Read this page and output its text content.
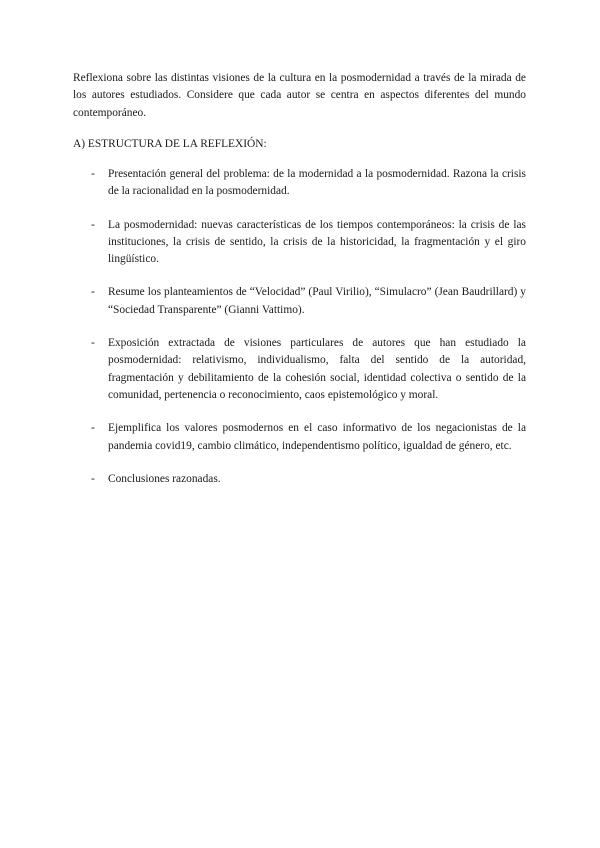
Reflexiona sobre las distintas visiones de la cultura en la posmodernidad a través de la mirada de los autores estudiados. Considere que cada autor se centra en aspectos diferentes del mundo contemporáneo.

A) ESTRUCTURA DE LA REFLEXIÓN:
- Presentación general del problema: de la modernidad a la posmodernidad. Razona la crisis de la racionalidad en la posmodernidad.
- La posmodernidad: nuevas características de los tiempos contemporáneos: la crisis de las instituciones, la crisis de sentido, la crisis de la historicidad, la fragmentación y el giro lingüístico.
- Resume los planteamientos de “Velocidad” (Paul Virilio), “Simulacro” (Jean Baudrillard) y “Sociedad Transparente” (Gianni Vattimo).
- Exposición extractada de visiones particulares de autores que han estudiado la posmodernidad: relativismo, individualismo, falta del sentido de la autoridad, fragmentación y debilitamiento de la cohesión social, identidad colectiva o sentido de la comunidad, pertenencia o reconocimiento, caos epistemológico y moral.
- Ejemplifica los valores posmodernos en el caso informativo de los negacionistas de la pandemia covid19, cambio climático, independentismo político, igualdad de género, etc.
- Conclusiones razonadas.
